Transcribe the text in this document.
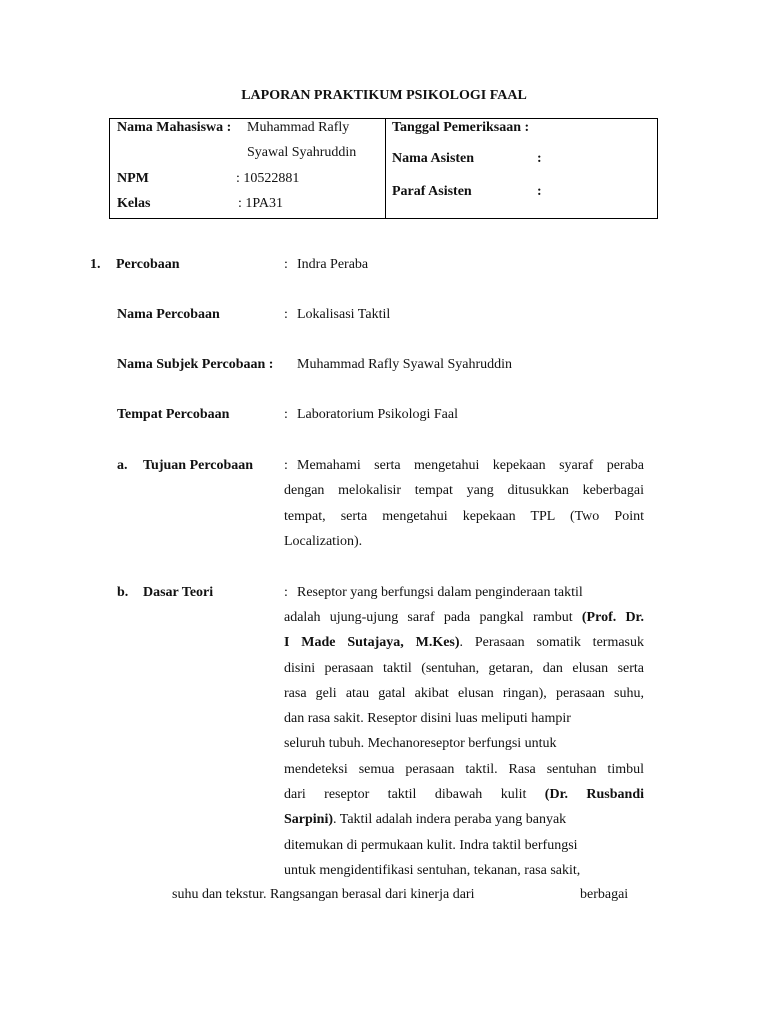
LAPORAN PRAKTIKUM PSIKOLOGI FAAL
Nama Mahasiswa : Muhammad Rafly
Syawal Syahruddin
NPM	: 10522881
Kelas	: 1PA31
Tanggal Pemeriksaan :
Nama Asisten	:
Paraf Asisten	:
1. Percobaan	: Indra Peraba
Nama Percobaan	: Lokalisasi Taktil
Nama Subjek Percobaan : Muhammad Rafly Syawal Syahruddin
Tempat Percobaan	: Laboratorium Psikologi Faal
a. Tujuan Percobaan : Memahami serta mengetahui kepekaan syaraf peraba
dengan melokalisir tempat yang ditusukkan keberbagai
tempat, serta mengetahui kepekaan TPL (Two Point
Localization).
b. Dasar Teori	: Reseptor yang berfungsi dalam penginderaan taktil
adalah ujung-ujung saraf pada pangkal rambut (Prof. Dr.
I Made Sutajaya, M.Kes). Perasaan somatik termasuk
disini perasaan taktil (sentuhan, getaran, dan elusan serta
rasa geli atau gatal akibat elusan ringan), perasaan suhu,
dan rasa sakit. Reseptor disini luas meliputi hampir
seluruh tubuh. Mechanoreseptor berfungsi untuk
mendeteksi semua perasaan taktil. Rasa sentuhan timbul
dari reseptor taktil dibawah kulit (Dr. Rusbandi
Sarpini). Taktil adalah indera peraba yang banyak
ditemukan di permukaan kulit. Indra taktil berfungsi
untuk mengidentifikasi sentuhan, tekanan, rasa sakit,
suhu dan tekstur. Rangsangan berasal dari kinerja dari	berbagai
